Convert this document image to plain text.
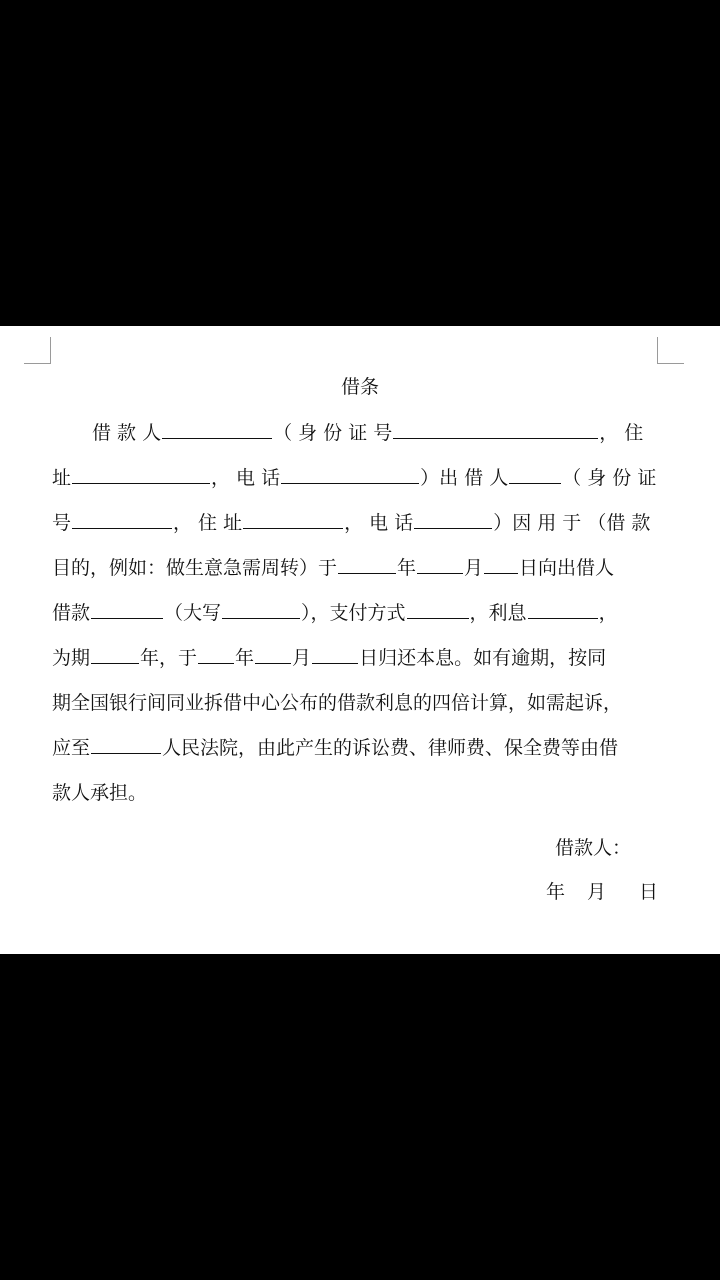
借条
借 款 人	（ 身 份 证 号	， 住
址	， 电 话	）出 借 人	（ 身 份 证
号	， 住 址	， 电 话	）因 用 于 （借 款
目的，例如：做生意急需周转）于	年	月 日向出借人
借款	（大写	），支付方式	，利息	，
为期	年，于 年 月	日归还本息。如有逾期，按同
期全国银行间同业拆借中心公布的借款利息的四倍计算，如需起诉，
应至	人民法院，由此产生的诉讼费、律师费、保全费等由借
款人承担。
借款人：
年 月 日
